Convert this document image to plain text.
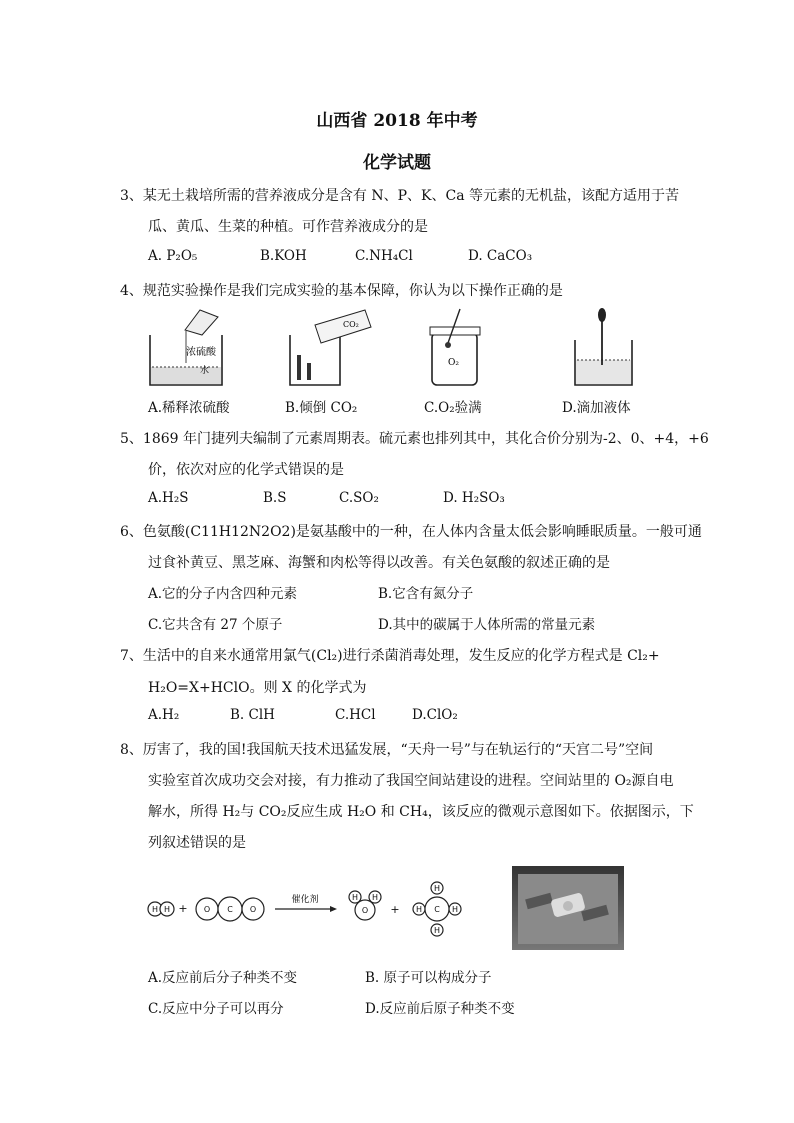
山西省 2018 年中考
化学试题
3、某无土栽培所需的营养液成分是含有 N、P、K、Ca 等元素的无机盐，该配方适用于苦
瓜、黄瓜、生菜的种植。可作营养液成分的是
A. P₂O₅	B.KOH	C.NH₄Cl	D. CaCO₃
4、规范实验操作是我们完成实验的基本保障，你认为以下操作正确的是
浓硫酸
水
CO₂
O₂
A.稀释浓硫酸	B.倾倒 CO₂	C.O₂验满	D.滴加液体
5、1869 年门捷列夫编制了元素周期表。硫元素也排列其中，其化合价分别为-2、0、+4，+6
价，依次对应的化学式错误的是
A.H₂S	B.S	C.SO₂	D. H₂SO₃
6、色氨酸(C11H12N2O2)是氨基酸中的一种，在人体内含量太低会影响睡眠质量。一般可通
过食补黄豆、黑芝麻、海蟹和肉松等得以改善。有关色氨酸的叙述正确的是
A.它的分子内含四种元素	B.它含有氮分子
C.它共含有 27 个原子	D.其中的碳属于人体所需的常量元素
7、生活中的自来水通常用氯气(Cl₂)进行杀菌消毒处理，发生反应的化学方程式是 Cl₂+
H₂O=X+HClO。则 X 的化学式为
A.H₂	B. ClH	C.HCl	D.ClO₂
8、厉害了，我的国!我国航天技术迅猛发展，“天舟一号”与在轨运行的“天宫二号”空间
实验室首次成功交会对接，有力推动了我国空间站建设的进程。空间站里的 O₂源自电
解水，所得 H₂与 CO₂反应生成 H₂O 和 CH₄，该反应的微观示意图如下。依据图示，下
列叙述错误的是
H H + O C O
催化剂	H H
O +
H
H	H
H
C
A.反应前后分子种类不变	B. 原子可以构成分子
C.反应中分子可以再分	D.反应前后原子种类不变
